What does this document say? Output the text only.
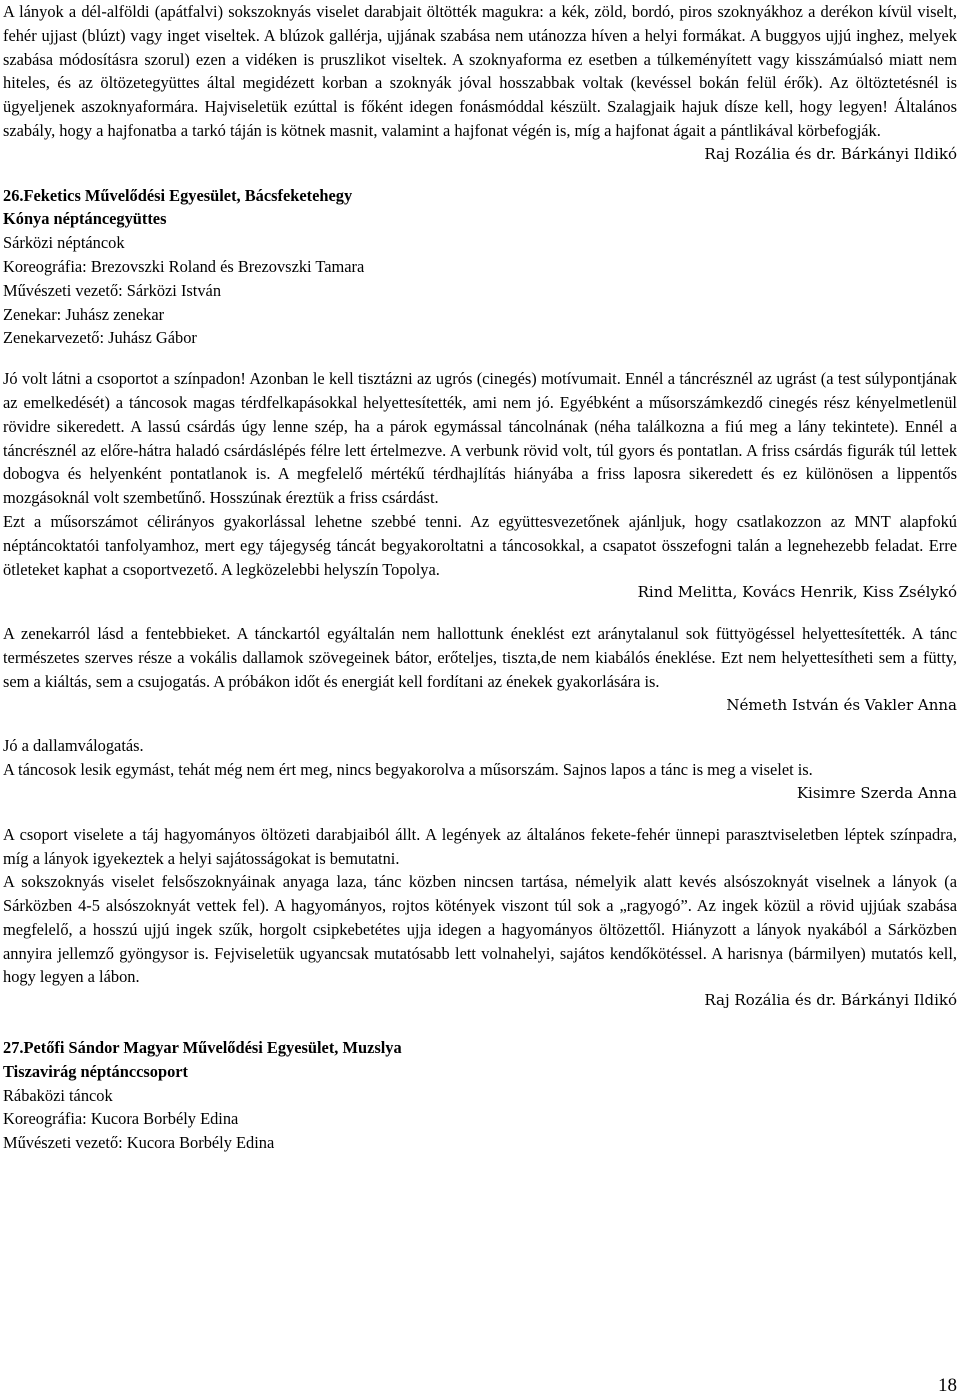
A lányok a dél-alföldi (apátfalvi) sokszoknyás viselet darabjait öltötték magukra: a kék, zöld, bordó, piros szoknyákhoz a derékon kívül viselt, fehér ujjast (blúzt) vagy inget viseltek. A blúzok gallérja, ujjának szabása nem utánozza híven a helyi formákat. A buggyos ujjú inghez, melyek szabása módosításra szorul) ezen a vidéken is pruszlikot viseltek. A szoknyaforma ez esetben a túlkeményített vagy kisszámúalsó miatt nem hiteles, és az öltözetegyüttes által megidézett korban a szoknyák jóval hosszabbak voltak (kevéssel bokán felül érők). Az öltöztetésnél is ügyeljenek aszoknyaformára. Hajviseletük ezúttal is főként idegen fonásmóddal készült. Szalagjaik hajuk dísze kell, hogy legyen! Általános szabály, hogy a hajfonatba a tarkó táján is kötnek masnit, valamint a hajfonat végén is, míg a hajfonat ágait a pántlikával körbefogják.

Raj Rozália és dr. Bárkányi Ildikó

26.Feketics Művelődési Egyesület, Bácsfeketehegy

Kónya néptáncegyüttes

Sárközi néptáncok

Koreográfia: Brezovszki Roland és Brezovszki Tamara

Művészeti vezető: Sárközi István

Zenekar: Juhász zenekar

Zenekarvezető: Juhász Gábor

Jó volt látni a csoportot a színpadon! Azonban le kell tisztázni az ugrós (cinegés) motívumait. Ennél a táncrésznél az ugrást (a test súlypontjának az emelkedését) a táncosok magas térdfelkapásokkal helyettesítették, ami nem jó. Egyébként a műsorszámkezdő cinegés rész kényelmetlenül rövidre sikeredett. A lassú csárdás úgy lenne szép, ha a párok egymással táncolnának (néha találkozna a fiú meg a lány tekintete). Ennél a táncrésznél az előre-hátra haladó csárdáslépés félre lett értelmezve. A verbunk rövid volt, túl gyors és pontatlan. A friss csárdás figurák túl lettek dobogva és helyenként pontatlanok is. A megfelelő mértékű térdhajlítás hiányába a friss laposra sikeredett és ez különösen a lippentős mozgásoknál volt szembetűnő. Hosszúnak éreztük a friss csárdást.

Ezt a műsorszámot célirányos gyakorlással lehetne szebbé tenni. Az együttesvezetőnek ajánljuk, hogy csatlakozzon az MNT alapfokú néptáncoktatói tanfolyamhoz, mert egy tájegység táncát begyakoroltatni a táncosokkal, a csapatot összefogni talán a legnehezebb feladat. Erre ötleteket kaphat a csoportvezető. A legközelebbi helyszín Topolya.

Rind Melitta, Kovács Henrik, Kiss Zsélykó

A zenekarról lásd a fentebbieket. A tánckartól egyáltalán nem hallottunk éneklést ezt aránytalanul sok füttyögéssel helyettesítették. A tánc természetes szerves része a vokális dallamok szövegeinek bátor, erőteljes, tiszta,de nem kiabálós éneklése. Ezt nem helyettesítheti sem a fütty, sem a kiáltás, sem a csujogatás. A próbákon időt és energiát kell fordítani az énekek gyakorlására is.

Németh István és Vakler Anna

Jó a dallamválogatás.

A táncosok lesik egymást, tehát még nem ért meg, nincs begyakorolva a műsorszám. Sajnos lapos a tánc is meg a viselet is.

Kisimre Szerda Anna

A csoport viselete a táj hagyományos öltözeti darabjaiból állt. A legények az általános fekete-fehér ünnepi parasztviseletben léptek színpadra, míg a lányok igyekeztek a helyi sajátosságokat is bemutatni.

A sokszoknyás viselet felsőszoknyáinak anyaga laza, tánc közben nincsen tartása, némelyik alatt kevés alsószoknyát viselnek a lányok (a Sárközben 4-5 alsószoknyát vettek fel). A hagyományos, rojtos kötények viszont túl sok a „ragyogó”. Az ingek közül a rövid ujjúak szabása megfelelő, a hosszú ujjú ingek szűk, horgolt csipkebetétes ujja idegen a hagyományos öltözettől. Hiányzott a lányok nyakából a Sárközben annyira jellemző gyöngysor is. Fejviseletük ugyancsak mutatósabb lett volnahelyi, sajátos kendőkötéssel. A harisnya (bármilyen) mutatós kell, hogy legyen a lábon.

Raj Rozália és dr. Bárkányi Ildikó

27.Petőfi Sándor Magyar Művelődési Egyesület, Muzslya

Tiszavirág néptánccsoport

Rábaközi táncok

Koreográfia: Kucora Borbély Edina

Művészeti vezető: Kucora Borbély Edina

18
